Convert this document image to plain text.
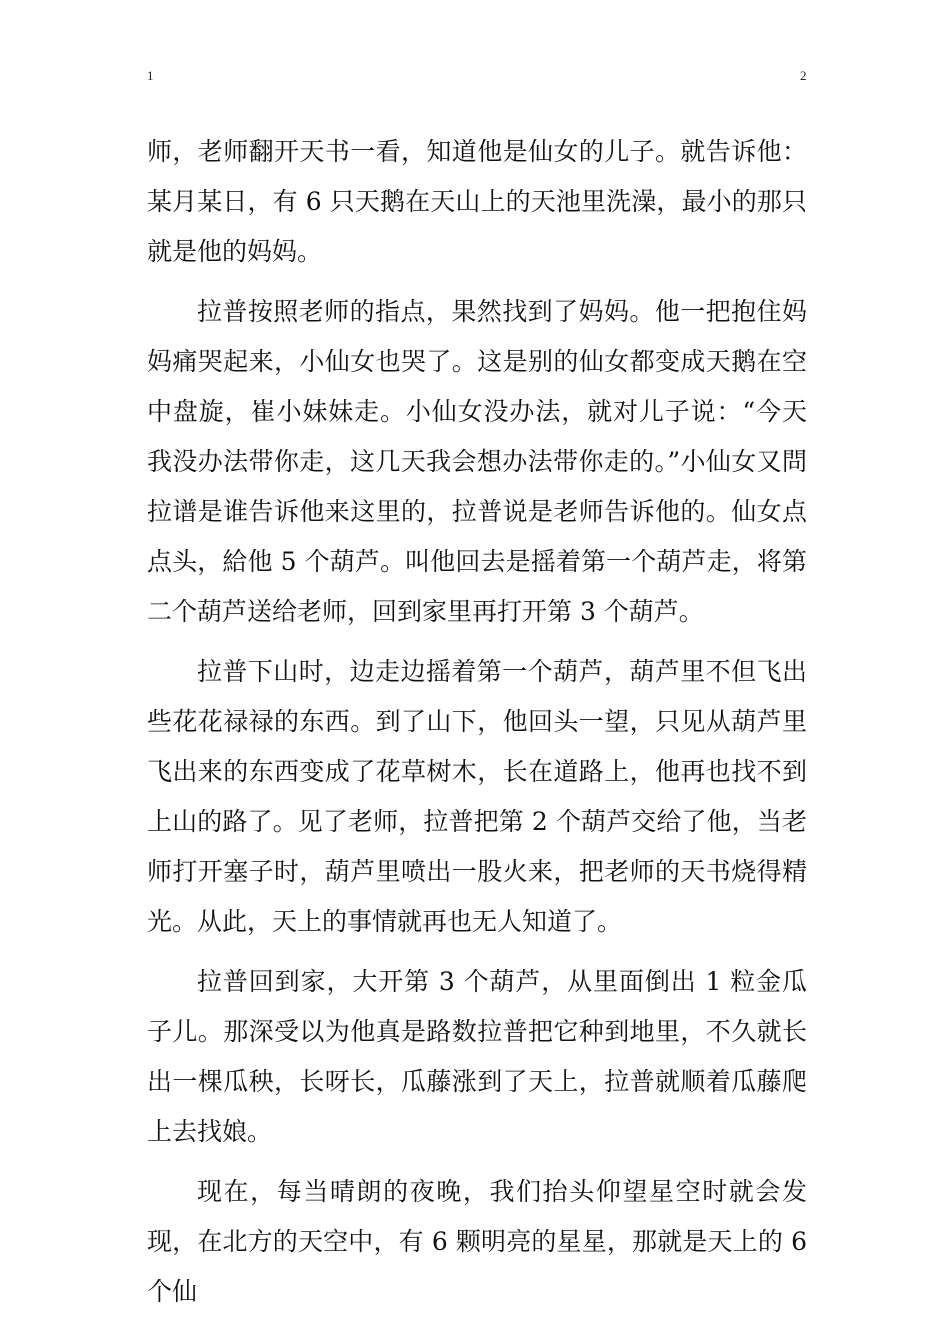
1	2

师，老师翻开天书一看，知道他是仙女的儿子。就告诉他：某月某日，有 6 只天鹅在天山上的天池里洗澡，最小的那只就是他的妈妈。

拉普按照老师的指点，果然找到了妈妈。他一把抱住妈妈痛哭起来，小仙女也哭了。这是别的仙女都变成天鹅在空中盘旋，崔小妹妹走。小仙女没办法，就对儿子说：“今天我没办法带你走，这几天我会想办法带你走的。”小仙女又問拉谱是谁告诉他来这里的，拉普说是老师告诉他的。仙女点点头，給他 5 个葫芦。叫他回去是摇着第一个葫芦走，将第二个葫芦送给老师，回到家里再打开第 3 个葫芦。

拉普下山时，边走边摇着第一个葫芦，葫芦里不但飞出些花花禄禄的东西。到了山下，他回头一望，只见从葫芦里飞出来的东西变成了花草树木，长在道路上，他再也找不到上山的路了。见了老师，拉普把第 2 个葫芦交给了他，当老师打开塞子时，葫芦里喷出一股火来，把老师的天书烧得精光。从此，天上的事情就再也无人知道了。

拉普回到家，大开第 3 个葫芦，从里面倒出 1 粒金瓜子儿。那深受以为他真是路数拉普把它种到地里，不久就长出一棵瓜秧，长呀长，瓜藤涨到了天上，拉普就顺着瓜藤爬上去找娘。

现在，每当晴朗的夜晚，我们抬头仰望星空时就会发现，在北方的天空中，有 6 颗明亮的星星，那就是天上的 6 个仙
